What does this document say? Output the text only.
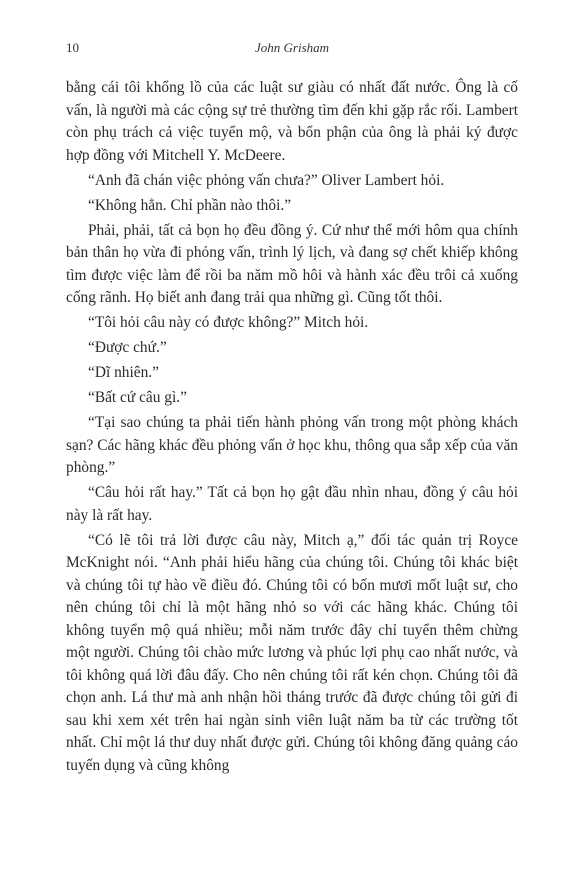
10	John Grisham

bằng cái tôi khổng lồ của các luật sư giàu có nhất đất nước. Ông là cố vấn, là người mà các cộng sự trẻ thường tìm đến khi gặp rắc rối. Lambert còn phụ trách cả việc tuyển mộ, và bổn phận của ông là phải ký được hợp đồng với Mitchell Y. McDeere.

“Anh đã chán việc phỏng vấn chưa?” Oliver Lambert hỏi.

“Không hẳn. Chỉ phần nào thôi.”

Phải, phải, tất cả bọn họ đều đồng ý. Cứ như thể mới hôm qua chính bản thân họ vừa đi phỏng vấn, trình lý lịch, và đang sợ chết khiếp không tìm được việc làm để rồi ba năm mồ hôi và hành xác đều trôi cả xuống cống rãnh. Họ biết anh đang trải qua những gì. Cũng tốt thôi.

“Tôi hỏi câu này có được không?” Mitch hỏi.

“Được chứ.”

“Dĩ nhiên.”

“Bất cứ câu gì.”

“Tại sao chúng ta phải tiến hành phỏng vấn trong một phòng khách sạn? Các hãng khác đều phỏng vấn ở học khu, thông qua sắp xếp của văn phòng.”

“Câu hỏi rất hay.” Tất cả bọn họ gật đầu nhìn nhau, đồng ý câu hỏi này là rất hay.

“Có lẽ tôi trả lời được câu này, Mitch ạ,” đối tác quản trị Royce McKnight nói. “Anh phải hiểu hãng của chúng tôi. Chúng tôi khác biệt và chúng tôi tự hào về điều đó. Chúng tôi có bốn mươi mốt luật sư, cho nên chúng tôi chỉ là một hãng nhỏ so với các hãng khác. Chúng tôi không tuyển mộ quá nhiều; mỗi năm trước đây chỉ tuyển thêm chừng một người. Chúng tôi chào mức lương và phúc lợi phụ cao nhất nước, và tôi không quá lời đâu đấy. Cho nên chúng tôi rất kén chọn. Chúng tôi đã chọn anh. Lá thư mà anh nhận hồi tháng trước đã được chúng tôi gửi đi sau khi xem xét trên hai ngàn sinh viên luật năm ba từ các trường tốt nhất. Chỉ một lá thư duy nhất được gửi. Chúng tôi không đăng quảng cáo tuyển dụng và cũng không
